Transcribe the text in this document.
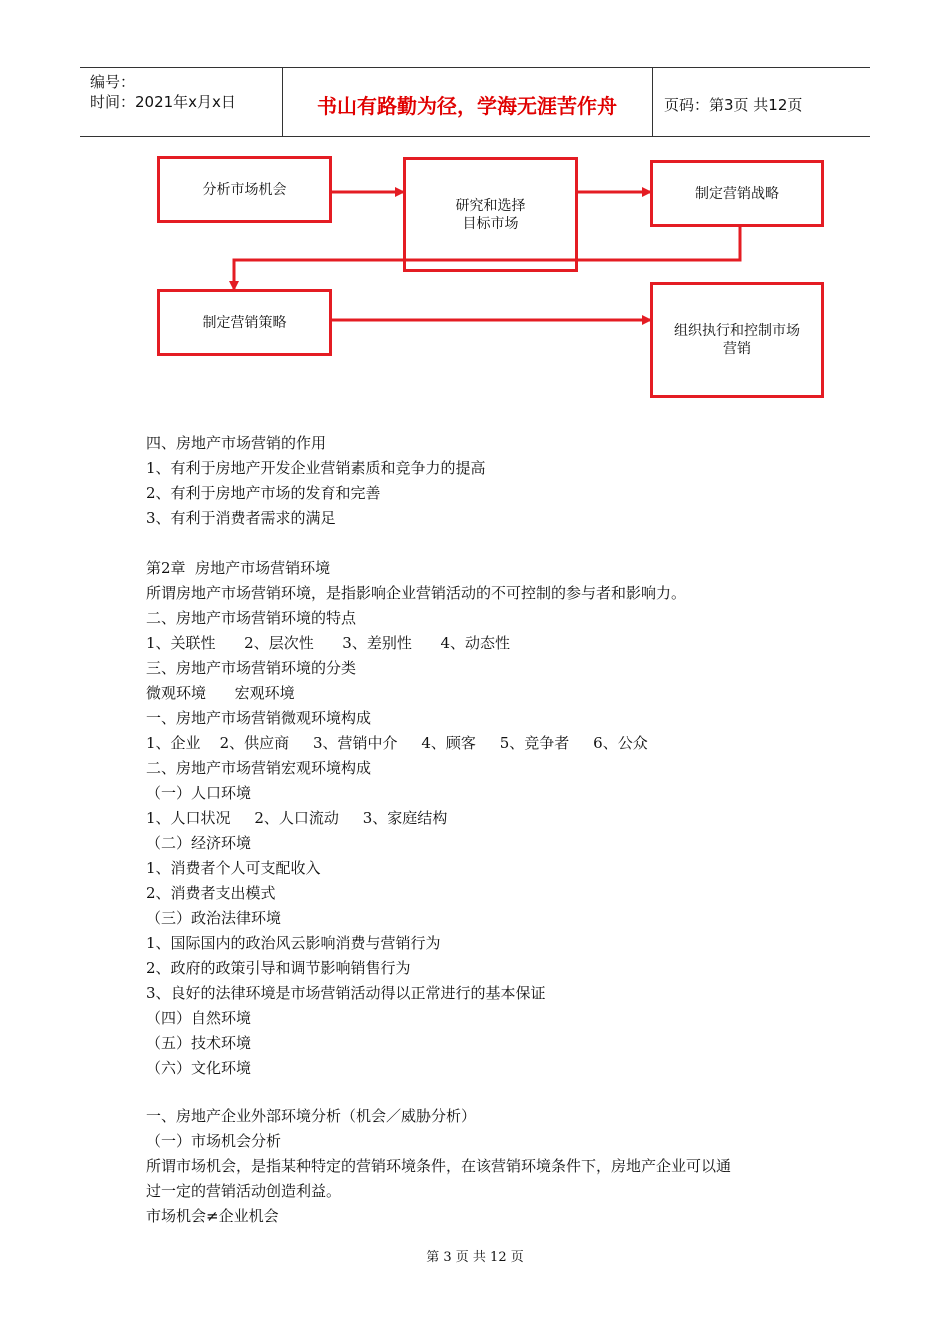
编号：
时间：2021年x月x日	书山有路勤为径，学海无涯苦作舟	页码：第3页 共12页
分析市场机会
研究和选择
目标市场
制定营销战略
制定营销策略
组织执行和控制市场
营销
四、房地产市场营销的作用
1、有利于房地产开发企业营销素质和竞争力的提高
2、有利于房地产市场的发育和完善
3、有利于消费者需求的满足
第2章  房地产市场营销环境
所谓房地产市场营销环境，是指影响企业营销活动的不可控制的参与者和影响力。
二、房地产市场营销环境的特点
1、关联性      2、层次性      3、差别性      4、动态性
三、房地产市场营销环境的分类
微观环境      宏观环境
一、房地产市场营销微观环境构成
1、企业    2、供应商     3、营销中介     4、顾客     5、竞争者     6、公众
二、房地产市场营销宏观环境构成
（一）人口环境
1、人口状况     2、人口流动     3、家庭结构
（二）经济环境
1、消费者个人可支配收入
2、消费者支出模式
（三）政治法律环境
1、国际国内的政治风云影响消费与营销行为
2、政府的政策引导和调节影响销售行为
3、良好的法律环境是市场营销活动得以正常进行的基本保证
（四）自然环境
（五）技术环境
（六）文化环境
一、房地产企业外部环境分析（机会／威胁分析）
（一）市场机会分析
所谓市场机会，是指某种特定的营销环境条件，在该营销环境条件下，房地产企业可以通
过一定的营销活动创造利益。
市场机会≠企业机会
第 3 页 共 12 页
